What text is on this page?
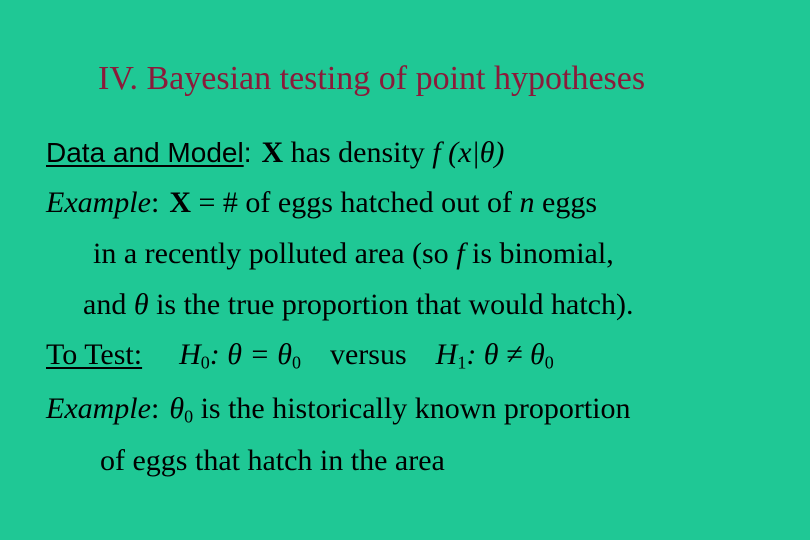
IV. Bayesian testing of point hypotheses
Data and Model: X has density f (x|θ)
Example: X = # of eggs hatched out of n eggs
in a recently polluted area (so f is binomial,
and θ is the true proportion that would hatch).
To Test: $H_0$: $\theta = \theta_0$ versus $H_1$: $\theta \ne \theta_0$
Example: $\theta_0$ is the historically known proportion
of eggs that hatch in the area
